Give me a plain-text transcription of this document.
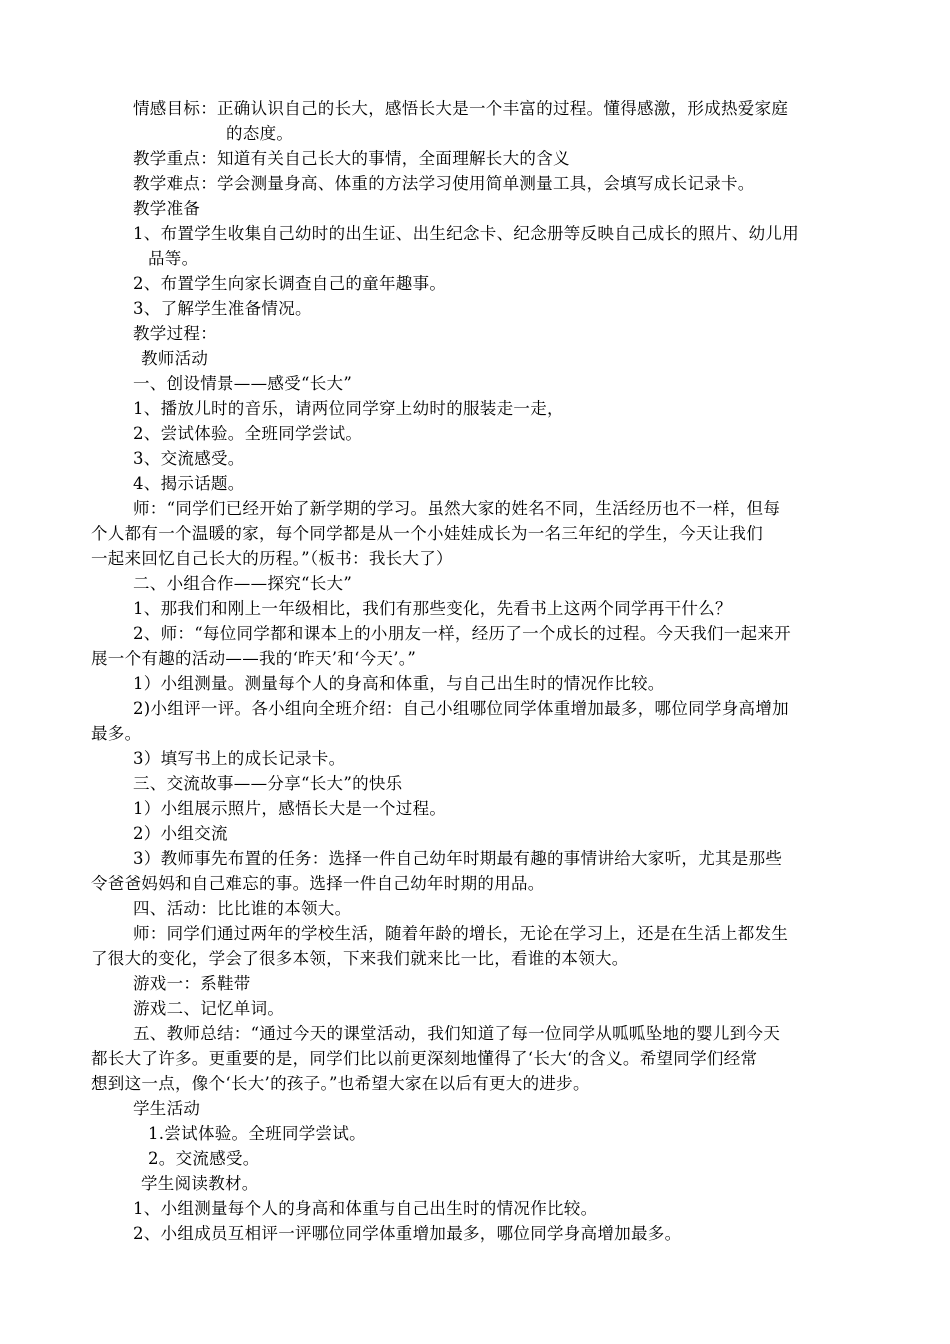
情感目标：正确认识自己的长大，感悟长大是一个丰富的过程。懂得感激，形成热爱家庭
的态度。
教学重点：知道有关自己长大的事情，全面理解长大的含义
教学难点：学会测量身高、体重的方法学习使用简单测量工具，会填写成长记录卡。
教学准备
1、布置学生收集自己幼时的出生证、出生纪念卡、纪念册等反映自己成长的照片、幼儿用
品等。
2、布置学生向家长调查自己的童年趣事。
3、了解学生准备情况。
教学过程：
教师活动
一、创设情景——感受“长大”
1、播放儿时的音乐，请两位同学穿上幼时的服装走一走，
2、尝试体验。全班同学尝试。
3、交流感受。
4、揭示话题。
师：“同学们已经开始了新学期的学习。虽然大家的姓名不同，生活经历也不一样，但每
个人都有一个温暖的家，每个同学都是从一个小娃娃成长为一名三年纪的学生，今天让我们
一起来回忆自己长大的历程。”（板书：我长大了）
二、小组合作——探究“长大”
1、那我们和刚上一年级相比，我们有那些变化，先看书上这两个同学再干什么？
2、师：“每位同学都和课本上的小朋友一样，经历了一个成长的过程。今天我们一起来开
展一个有趣的活动——我的‘昨天’和‘今天’。”
1）小组测量。测量每个人的身高和体重，与自己出生时的情况作比较。
2)小组评一评。各小组向全班介绍：自己小组哪位同学体重增加最多，哪位同学身高增加
最多。
3）填写书上的成长记录卡。
三、交流故事——分享“长大”的快乐
1）小组展示照片，感悟长大是一个过程。
2）小组交流
3）教师事先布置的任务：选择一件自己幼年时期最有趣的事情讲给大家听，尤其是那些
令爸爸妈妈和自己难忘的事。选择一件自己幼年时期的用品。
四、活动：比比谁的本领大。
师：同学们通过两年的学校生活，随着年龄的增长，无论在学习上，还是在生活上都发生
了很大的变化，学会了很多本领，下来我们就来比一比，看谁的本领大。
游戏一：系鞋带
游戏二、记忆单词。
五、教师总结：“通过今天的课堂活动，我们知道了每一位同学从呱呱坠地的婴儿到今天
都长大了许多。更重要的是，同学们比以前更深刻地懂得了‘长大‘的含义。希望同学们经常
想到这一点，像个‘长大’的孩子。”也希望大家在以后有更大的进步。
学生活动
1.尝试体验。全班同学尝试。
2。交流感受。
学生阅读教材。
1、小组测量每个人的身高和体重与自己出生时的情况作比较。
2、小组成员互相评一评哪位同学体重增加最多，哪位同学身高增加最多。
